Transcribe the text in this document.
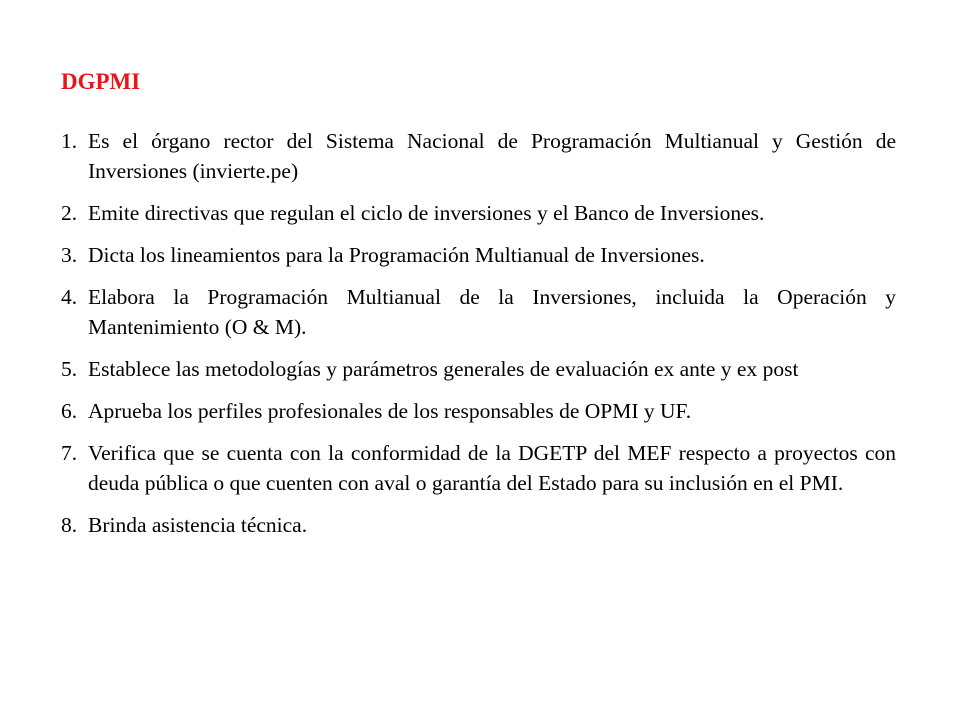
DGPMI
1. Es el órgano rector del Sistema Nacional de Programación Multianual y Gestión de Inversiones (invierte.pe)
2. Emite directivas que regulan el ciclo de inversiones y el Banco de Inversiones.
3. Dicta los lineamientos para la Programación Multianual de Inversiones.
4. Elabora la Programación Multianual de la Inversiones, incluida la Operación y Mantenimiento (O & M).
5. Establece las metodologías y parámetros generales de evaluación ex ante y ex post
6. Aprueba los perfiles profesionales de los responsables de OPMI y UF.
7. Verifica que se cuenta con la conformidad de la DGETP del MEF respecto a proyectos con deuda pública o que cuenten con aval o garantía del Estado para su inclusión en el PMI.
8. Brinda asistencia técnica.
